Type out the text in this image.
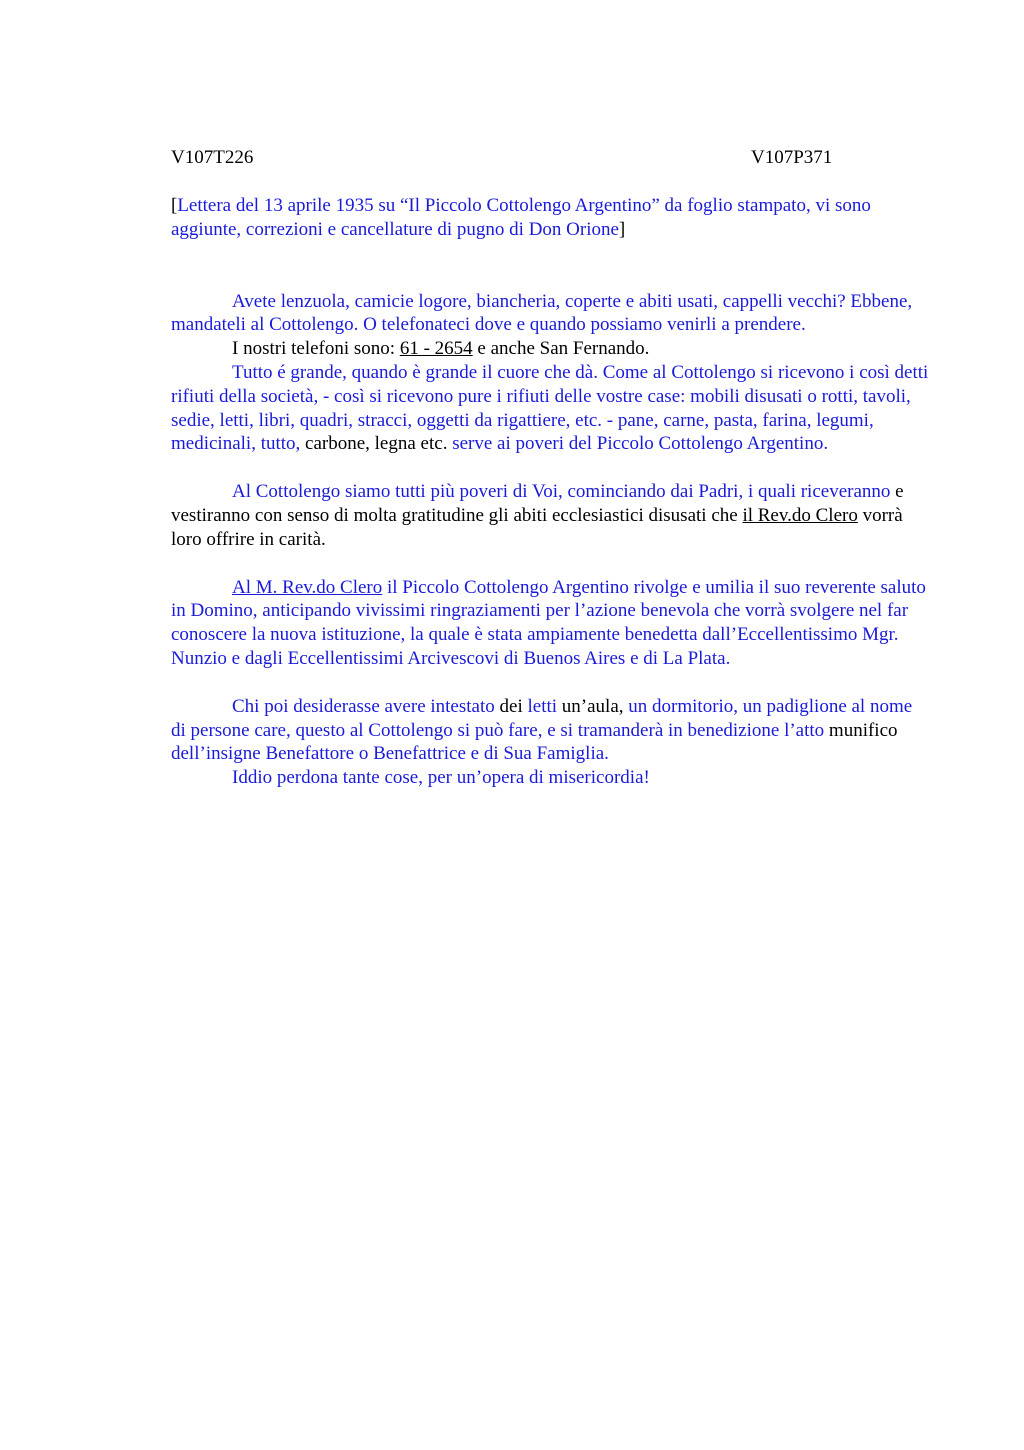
V107T226	V107P371

[Lettera del 13 aprile 1935 su “Il Piccolo Cottolengo Argentino” da foglio stampato, vi sono aggiunte, correzioni e cancellature di pugno di Don Orione]

Avete lenzuola, camicie logore, biancheria, coperte e abiti usati, cappelli vecchi? Ebbene, mandateli al Cottolengo. O telefonateci dove e quando possiamo venirli a prendere.

I nostri telefoni sono: 61 - 2654 e anche San Fernando.

Tutto é grande, quando è grande il cuore che dà. Come al Cottolengo si ricevono i così detti rifiuti della società, - così si ricevono pure i rifiuti delle vostre case: mobili disusati o rotti, tavoli, sedie, letti, libri, quadri, stracci, oggetti da rigattiere, etc. - pane, carne, pasta, farina, legumi, medicinali, tutto, carbone, legna etc. serve ai poveri del Piccolo Cottolengo Argentino.

Al Cottolengo siamo tutti più poveri di Voi, cominciando dai Padri, i quali riceveranno e vestiranno con senso di molta gratitudine gli abiti ecclesiastici disusati che il Rev.do Clero vorrà loro offrire in carità.

Al M. Rev.do Clero il Piccolo Cottolengo Argentino rivolge e umilia il suo reverente saluto in Domino, anticipando vivissimi ringraziamenti per l’azione benevola che vorrà svolgere nel far conoscere la nuova istituzione, la quale è stata ampiamente benedetta dall’Eccellentissimo Mgr. Nunzio e dagli Eccellentissimi Arcivescovi di Buenos Aires e di La Plata.

Chi poi desiderasse avere intestato dei letti un’aula, un dormitorio, un padiglione al nome di persone care, questo al Cottolengo si può fare, e si tramanderà in benedizione l’atto munifico dell’insigne Benefattore o Benefattrice e di Sua Famiglia.

Iddio perdona tante cose, per un’opera di misericordia!
